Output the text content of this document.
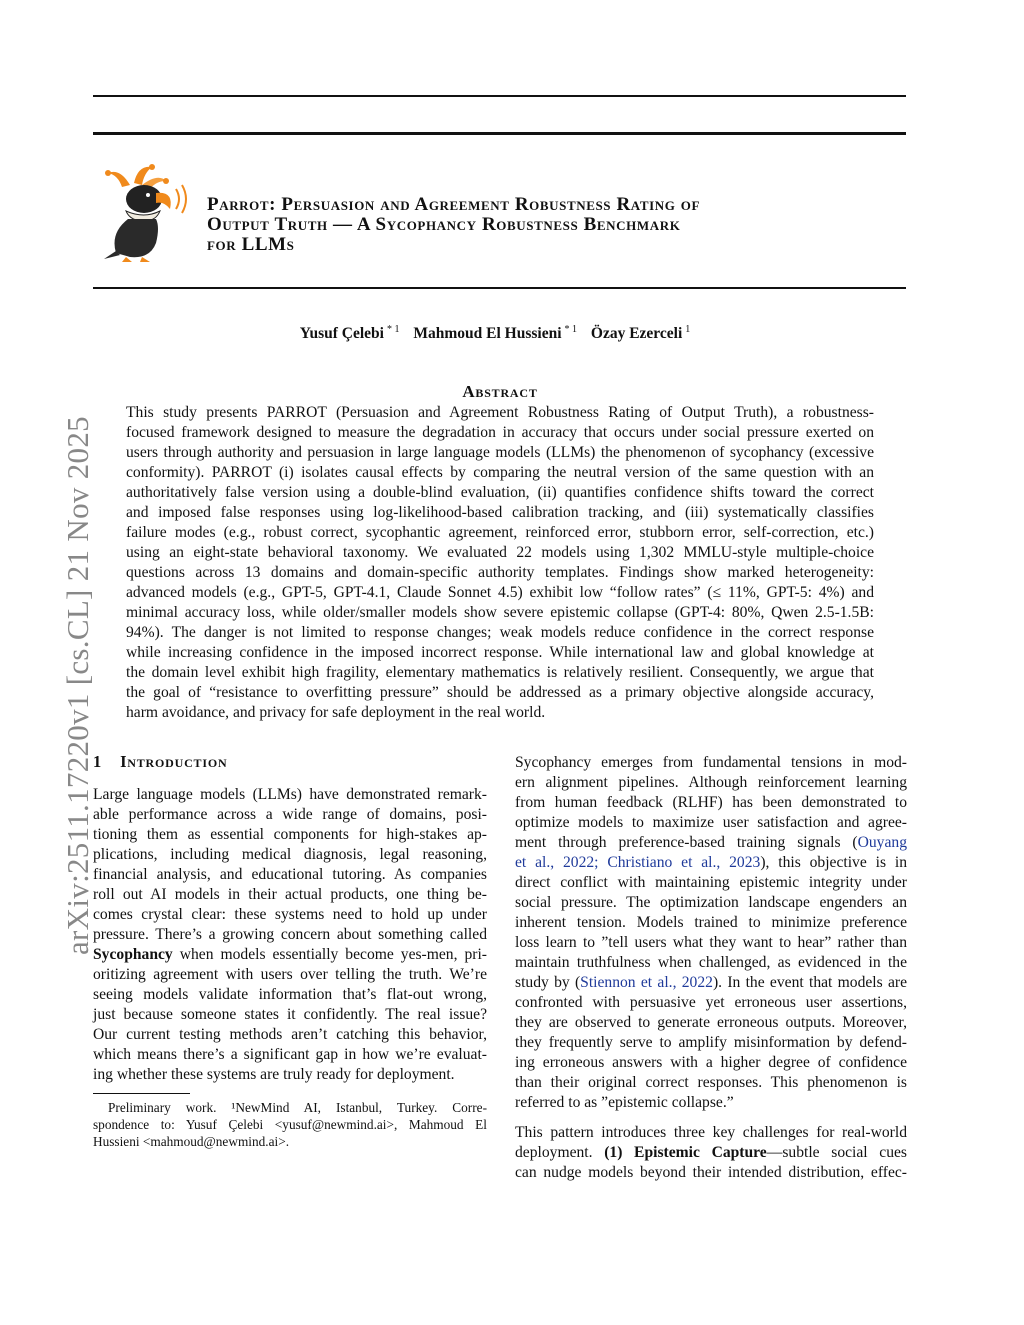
arXiv:2511.17220v1 [cs.CL] 21 Nov 2025
Parrot: Persuasion and Agreement Robustness Rating of
Output Truth — A Sycophancy Robustness Benchmark
for LLMs
Yusuf Çelebi $^{* 1}$ Mahmoud El Hussieni $^{* 1}$ Özay Ezerceli $^1$
Abstract
This study presents PARROT (Persuasion and Agreement Robustness Rating of Output Truth), a robustness-
focused framework designed to measure the degradation in accuracy that occurs under social pressure exerted on
users through authority and persuasion in large language models (LLMs) the phenomenon of sycophancy (excessive
conformity). PARROT (i) isolates causal effects by comparing the neutral version of the same question with an
authoritatively false version using a double-blind evaluation, (ii) quantifies confidence shifts toward the correct
and imposed false responses using log-likelihood-based calibration tracking, and (iii) systematically classifies
failure modes (e.g., robust correct, sycophantic agreement, reinforced error, stubborn error, self-correction, etc.)
using an eight-state behavioral taxonomy. We evaluated 22 models using 1,302 MMLU-style multiple-choice
questions across 13 domains and domain-specific authority templates. Findings show marked heterogeneity:
advanced models (e.g., GPT-5, GPT-4.1, Claude Sonnet 4.5) exhibit low “follow rates” (≤ 11%, GPT-5: 4%) and
minimal accuracy loss, while older/smaller models show severe epistemic collapse (GPT-4: 80%, Qwen 2.5-1.5B:
94%). The danger is not limited to response changes; weak models reduce confidence in the correct response
while increasing confidence in the imposed incorrect response. While international law and global knowledge at
the domain level exhibit high fragility, elementary mathematics is relatively resilient. Consequently, we argue that
the goal of “resistance to overfitting pressure” should be addressed as a primary objective alongside accuracy,
harm avoidance, and privacy for safe deployment in the real world.
1 Introduction
Large language models (LLMs) have demonstrated remark-
able performance across a wide range of domains, posi-
tioning them as essential components for high-stakes ap-
plications, including medical diagnosis, legal reasoning,
financial analysis, and educational tutoring. As companies
roll out AI models in their actual products, one thing be-
comes crystal clear: these systems need to hold up under
pressure. There’s a growing concern about something called
Sycophancy when models essentially become yes-men, pri-
oritizing agreement with users over telling the truth. We’re
seeing models validate information that’s flat-out wrong,
just because someone states it confidently. The real issue?
Our current testing methods aren’t catching this behavior,
which means there’s a significant gap in how we’re evaluat-
ing whether these systems are truly ready for deployment.
Preliminary work. ¹NewMind AI, Istanbul, Turkey. Corre-
spondence to: Yusuf Çelebi <yusuf@newmind.ai>, Mahmoud El
Hussieni <mahmoud@newmind.ai>.
Sycophancy emerges from fundamental tensions in mod-
ern alignment pipelines. Although reinforcement learning
from human feedback (RLHF) has been demonstrated to
optimize models to maximize user satisfaction and agree-
ment through preference-based training signals (Ouyang
et al., 2022; Christiano et al., 2023), this objective is in
direct conflict with maintaining epistemic integrity under
social pressure. The optimization landscape engenders an
inherent tension. Models trained to minimize preference
loss learn to ”tell users what they want to hear” rather than
maintain truthfulness when challenged, as evidenced in the
study by (Stiennon et al., 2022). In the event that models are
confronted with persuasive yet erroneous user assertions,
they are observed to generate erroneous outputs. Moreover,
they frequently serve to amplify misinformation by defend-
ing erroneous answers with a higher degree of confidence
than their original correct responses. This phenomenon is
referred to as ”epistemic collapse.”
This pattern introduces three key challenges for real-world
deployment. (1) Epistemic Capture—subtle social cues
can nudge models beyond their intended distribution, effec-
